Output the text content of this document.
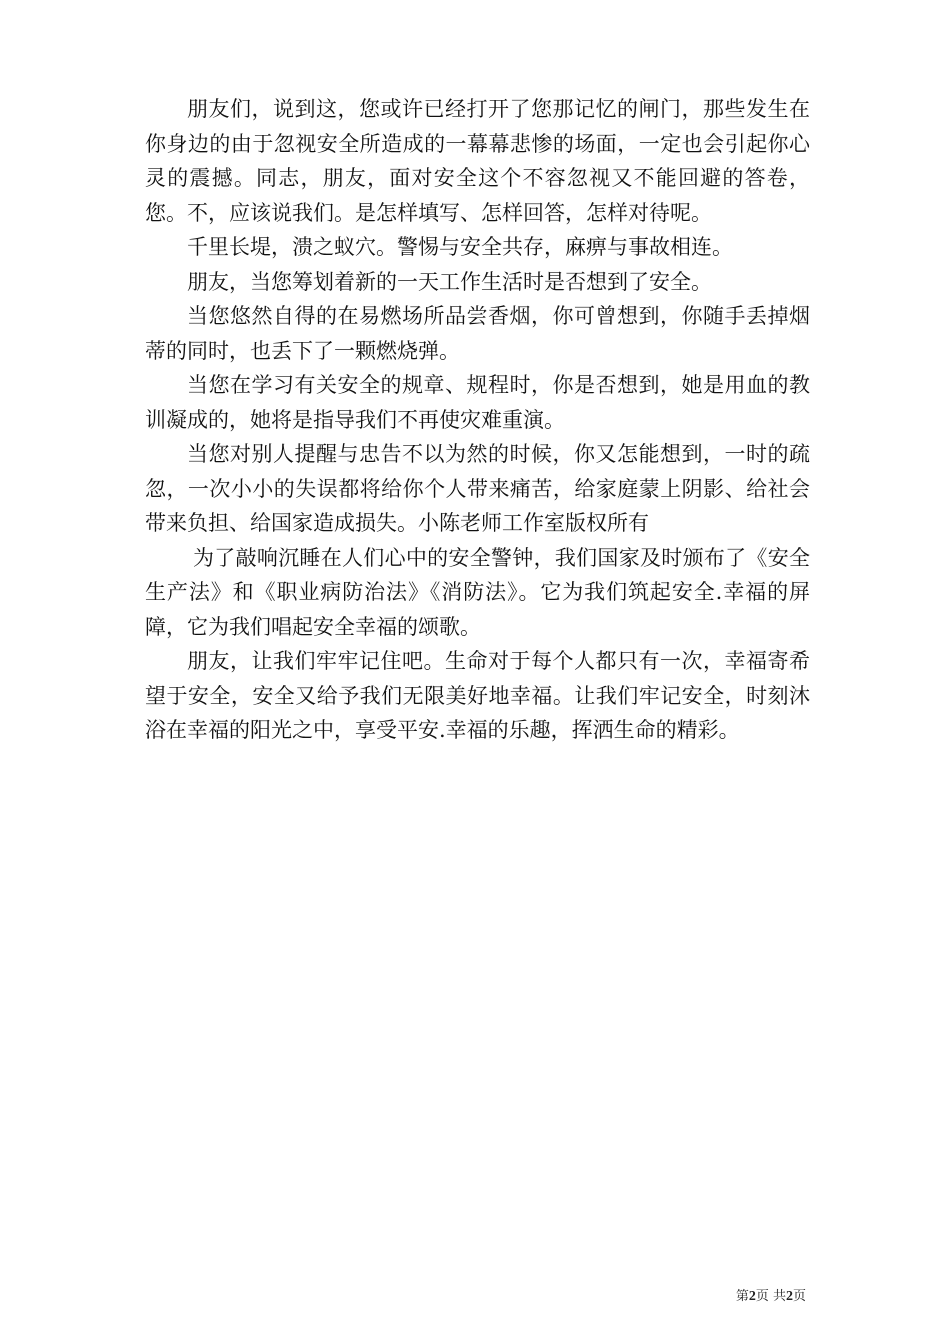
朋友们，说到这，您或许已经打开了您那记忆的闸门，那些发生在你身边的由于忽视安全所造成的一幕幕悲惨的场面，一定也会引起你心灵的震撼。同志，朋友，面对安全这个不容忽视又不能回避的答卷，您。不，应该说我们。是怎样填写、怎样回答，怎样对待呢。

千里长堤，溃之蚁穴。警惕与安全共存，麻痹与事故相连。

朋友，当您筹划着新的一天工作生活时是否想到了安全。

当您悠然自得的在易燃场所品尝香烟，你可曾想到，你随手丢掉烟蒂的同时，也丢下了一颗燃烧弹。

当您在学习有关安全的规章、规程时，你是否想到，她是用血的教训凝成的，她将是指导我们不再使灾难重演。

当您对别人提醒与忠告不以为然的时候，你又怎能想到，一时的疏忽，一次小小的失误都将给你个人带来痛苦，给家庭蒙上阴影、给社会带来负担、给国家造成损失。小陈老师工作室版权所有

为了敲响沉睡在人们心中的安全警钟，我们国家及时颁布了《安全生产法》和《职业病防治法》《消防法》。它为我们筑起安全.幸福的屏障，它为我们唱起安全幸福的颂歌。

朋友，让我们牢牢记住吧。生命对于每个人都只有一次，幸福寄希望于安全，安全又给予我们无限美好地幸福。让我们牢记安全，时刻沐浴在幸福的阳光之中，享受平安.幸福的乐趣，挥洒生命的精彩。

第2页 共2页
